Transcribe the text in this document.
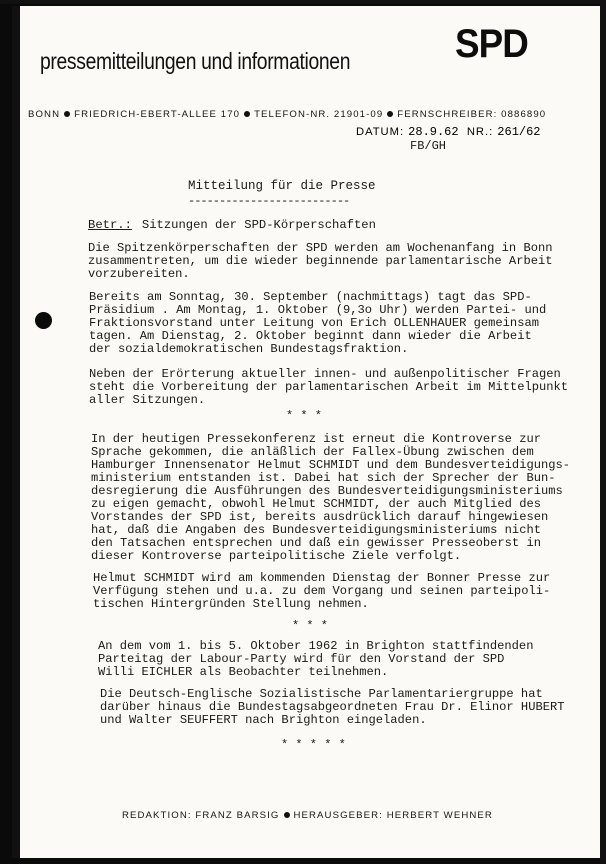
pressemitteilungen und informationen	SPD
BONN FRIEDRICH-EBERT-ALLEE 170 TELEFON-NR. 21901-09 FERNSCHREIBER: 0886890
DATUM: 28.9.62 NR.: 261/62
FB/GH
Mitteilung für die Presse
--------------------------
Betr.: Sitzungen der SPD-Körperschaften
Die Spitzenkörperschaften der SPD werden am Wochenanfang in Bonn
zusammentreten, um die wieder beginnende parlamentarische Arbeit
vorzubereiten.
Bereits am Sonntag, 30. September (nachmittags) tagt das SPD-
Präsidium . Am Montag, 1. Oktober (9,3o Uhr) werden Partei- und
Fraktionsvorstand unter Leitung von Erich OLLENHAUER gemeinsam
tagen. Am Dienstag, 2. Oktober beginnt dann wieder die Arbeit
der sozialdemokratischen Bundestagsfraktion.
Neben der Erörterung aktueller innen- und außenpolitischer Fragen
steht die Vorbereitung der parlamentarischen Arbeit im Mittelpunkt
aller Sitzungen.
* * *
In der heutigen Pressekonferenz ist erneut die Kontroverse zur
Sprache gekommen, die anläßlich der Fallex-Übung zwischen dem
Hamburger Innensenator Helmut SCHMIDT und dem Bundesverteidigungs-
ministerium entstanden ist. Dabei hat sich der Sprecher der Bun-
desregierung die Ausführungen des Bundesverteidigungsministeriums
zu eigen gemacht, obwohl Helmut SCHMIDT, der auch Mitglied des
Vorstandes der SPD ist, bereits ausdrücklich darauf hingewiesen
hat, daß die Angaben des Bundesverteidigungsministeriums nicht
den Tatsachen entsprechen und daß ein gewisser Presseoberst in
dieser Kontroverse parteipolitische Ziele verfolgt.
Helmut SCHMIDT wird am kommenden Dienstag der Bonner Presse zur
Verfügung stehen und u.a. zu dem Vorgang und seinen parteipoli-
tischen Hintergründen Stellung nehmen.
* * *
An dem vom 1. bis 5. Oktober 1962 in Brighton stattfindenden
Parteitag der Labour-Party wird für den Vorstand der SPD
Willi EICHLER als Beobachter teilnehmen.
Die Deutsch-Englische Sozialistische Parlamentariergruppe hat
darüber hinaus die Bundestagsabgeordneten Frau Dr. Elinor HUBERT
und Walter SEUFFERT nach Brighton eingeladen.
* * * * *
REDAKTION: FRANZ BARSIG HERAUSGEBER: HERBERT WEHNER
